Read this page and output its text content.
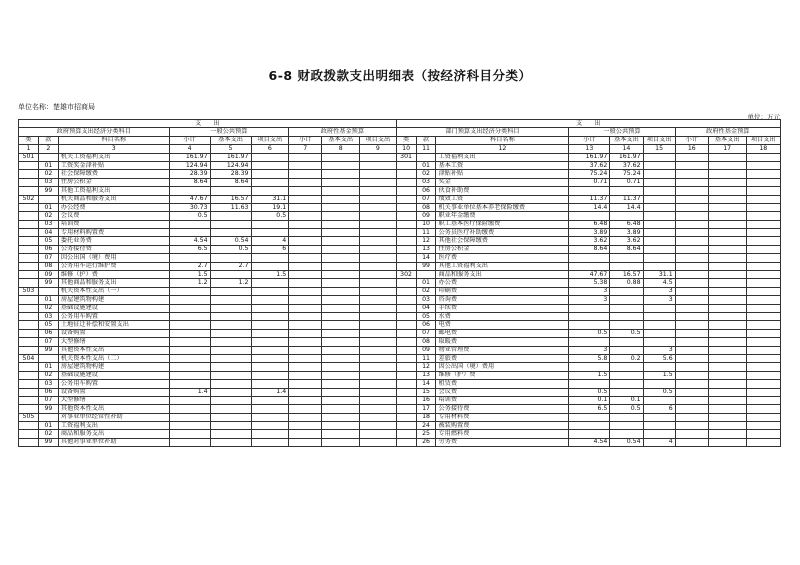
6-8 财政拨款支出明细表（按经济科目分类）
单位名称：楚雄市招商局
单位：万元
支　　出									支　　出								
政府预算支出经济分类科目			一般公共预算			政府性基金预算			部门预算支出经济分类科目			一般公共预算			政府性基金预算		
类	款	科目名称	小计	基本支出	项目支出	小计	基本支出	项目支出	类	款	科目名称	小计	基本支出	项目支出	小计	基本支出	项目支出
1	2	3	4	5	6	7	8	9	10	11	12	13	14	15	16	17	18
501		机关工资福利支出	161.97	161.97					301		工资福利支出	161.97	161.97				
	01	工资奖金津补贴	124.94	124.94						01	基本工资	37.62	37.62				
	02	社会保障缴费	28.39	28.39						02	津贴补贴	75.24	75.24				
	03	住房公积金	8.64	8.64						03	奖金	0.71	0.71				
	99	其他工资福利支出								06	伙食补助费						
502		机关商品和服务支出	47.67	16.57	31.1					07	绩效工资	11.37	11.37				
	01	办公经费	30.73	11.63	19.1					08	机关事业单位基本养老保险缴费	14.4	14.4				
	02	会议费	0.5		0.5					09	职业年金缴费						
	03	培训费								10	职工基本医疗保险缴费	6.48	6.48				
	04	专用材料购置费								11	公务员医疗补助缴费	3.89	3.89				
	05	委托业务费	4.54	0.54	4					12	其他社会保障缴费	3.62	3.62				
	06	公务接待费	6.5	0.5	6					13	住房公积金	8.64	8.64				
	07	因公出国（境）费用								14	医疗费						
	08	公务用车运行维护费	2.7	2.7						99	其他工资福利支出						
	09	维修（护）费	1.5		1.5				302		商品和服务支出	47.67	16.57	31.1			
	99	其他商品和服务支出	1.2	1.2						01	办公费	5.38	0.88	4.5			
503		机关资本性支出（一）								02	印刷费	3		3			
	01	房屋建筑物构建								03	咨询费	3		3			
	02	基础设施建设								04	手续费						
	03	公务用车购置								05	水费						
	05	土地征迁补偿和安置支出								06	电费						
	06	设备购置								07	邮电费	0.5	0.5				
	07	大型修缮								08	取暖费						
	99	其他资本性支出								09	物业管理费	3		3			
504		机关资本性支出（二）								11	差旅费	5.8	0.2	5.6			
	01	房屋建筑物构建								12	因公出国（境）费用						
	02	基础设施建设								13	维修（护）费	1.5		1.5			
	03	公务用车购置								14	租赁费						
	06	设备购置	1.4		1.4					15	会议费	0.5		0.5			
	07	大型修缮								16	培训费	0.1	0.1				
	99	其他资本性支出								17	公务接待费	6.5	0.5	6			
505		对事业单位经常性补助								18	专用材料费						
	01	工资福利支出								24	被装购置费						
	02	商品和服务支出								25	专用燃料费						
	99	其他对事业单位补助								26	劳务费	4.54	0.54	4			
